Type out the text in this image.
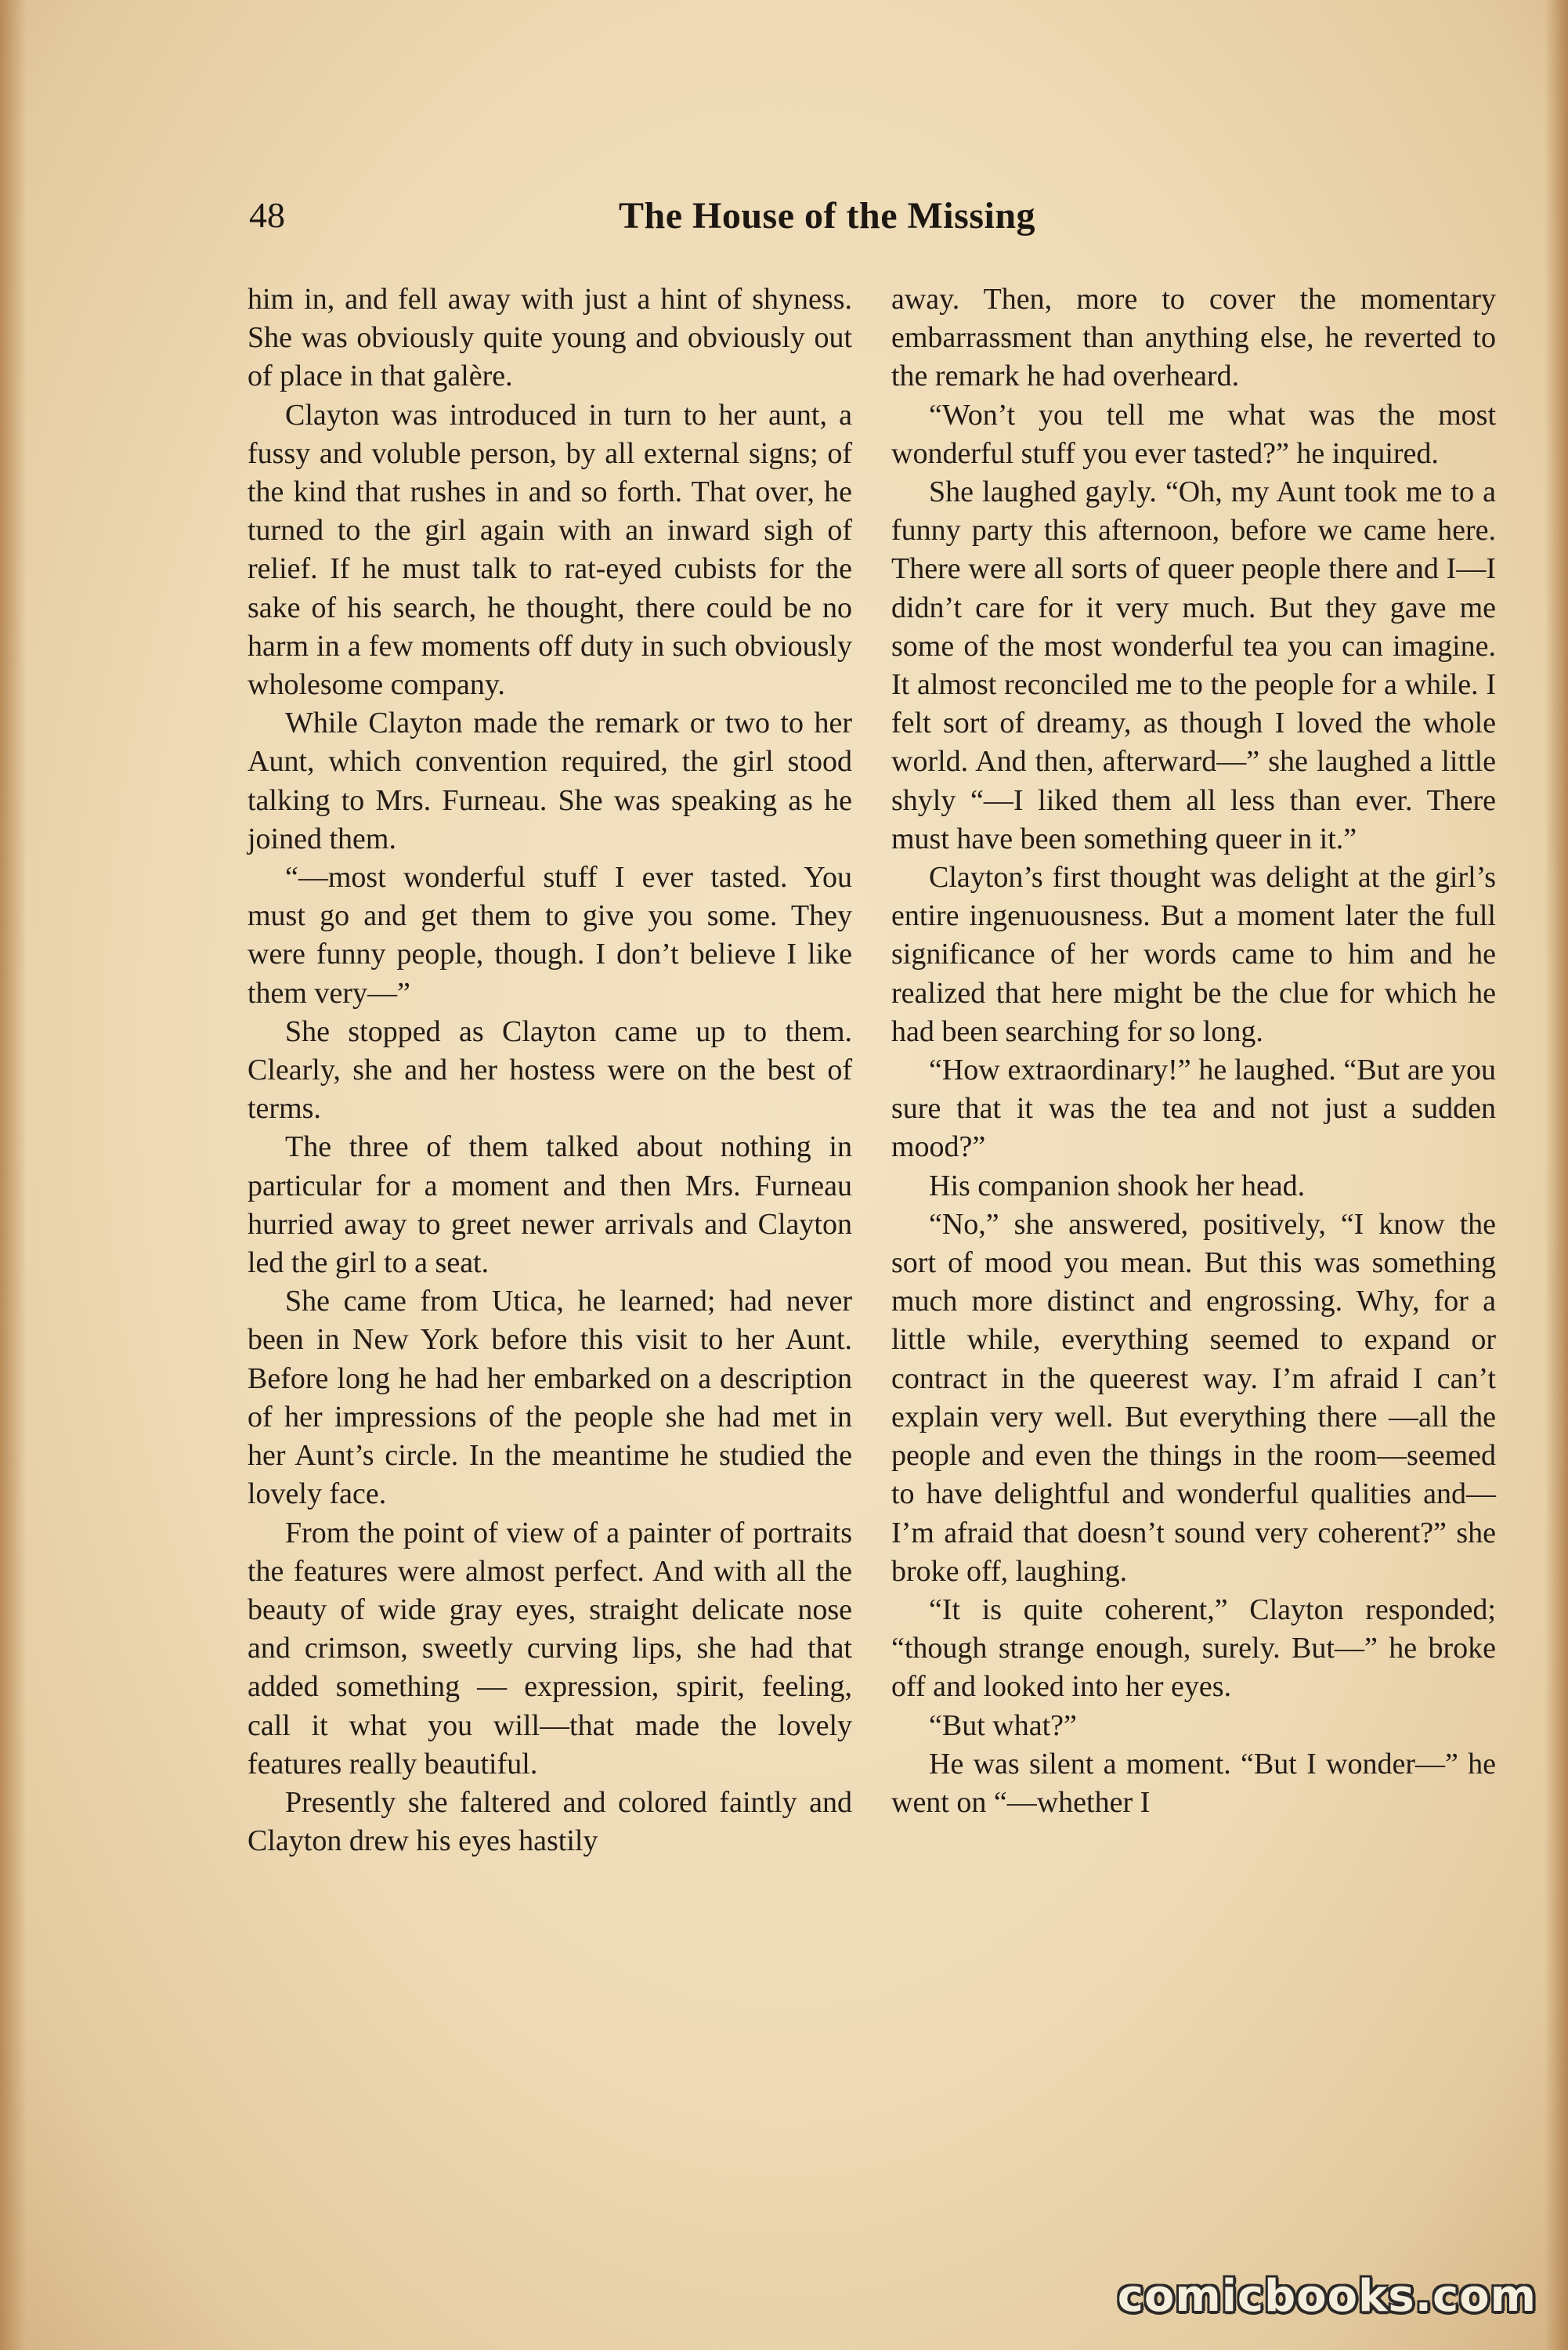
48	The House of the Missing

him in, and fell away with just a hint of shyness. She was obviously quite young and obviously out of place in that galère.

Clayton was introduced in turn to her aunt, a fussy and voluble person, by all external signs; of the kind that rushes in and so forth. That over, he turned to the girl again with an inward sigh of relief. If he must talk to rat-eyed cubists for the sake of his search, he thought, there could be no harm in a few moments off duty in such obviously wholesome company.

While Clayton made the remark or two to her Aunt, which convention required, the girl stood talking to Mrs. Furneau. She was speaking as he joined them.

“—most wonderful stuff I ever tasted. You must go and get them to give you some. They were funny people, though. I don’t believe I like them very—”

She stopped as Clayton came up to them. Clearly, she and her hostess were on the best of terms.

The three of them talked about nothing in particular for a moment and then Mrs. Furneau hurried away to greet newer arrivals and Clayton led the girl to a seat.

She came from Utica, he learned; had never been in New York before this visit to her Aunt. Before long he had her embarked on a description of her impressions of the people she had met in her Aunt’s circle. In the meantime he studied the lovely face.

From the point of view of a painter of portraits the features were almost perfect. And with all the beauty of wide gray eyes, straight delicate nose and crimson, sweetly curving lips, she had that added something — expression, spirit, feeling, call it what you will—that made the lovely features really beautiful.

Presently she faltered and colored faintly and Clayton drew his eyes hastily

away. Then, more to cover the momentary embarrassment than anything else, he reverted to the remark he had overheard.

“Won’t you tell me what was the most wonderful stuff you ever tasted?” he inquired.

She laughed gayly. “Oh, my Aunt took me to a funny party this afternoon, before we came here. There were all sorts of queer people there and I—I didn’t care for it very much. But they gave me some of the most wonderful tea you can imagine. It almost reconciled me to the people for a while. I felt sort of dreamy, as though I loved the whole world. And then, afterward—” she laughed a little shyly “—I liked them all less than ever. There must have been something queer in it.”

Clayton’s first thought was delight at the girl’s entire ingenuousness. But a moment later the full significance of her words came to him and he realized that here might be the clue for which he had been searching for so long.

“How extraordinary!” he laughed. “But are you sure that it was the tea and not just a sudden mood?”

His companion shook her head.

“No,” she answered, positively, “I know the sort of mood you mean. But this was something much more distinct and engrossing. Why, for a little while, everything seemed to expand or contract in the queerest way. I’m afraid I can’t explain very well. But everything there —all the people and even the things in the room—seemed to have delightful and wonderful qualities and—I’m afraid that doesn’t sound very coherent?” she broke off, laughing.

“It is quite coherent,” Clayton responded; “though strange enough, surely. But—” he broke off and looked into her eyes.

“But what?”

He was silent a moment. “But I wonder—” he went on “—whether I

comicbooks.com
